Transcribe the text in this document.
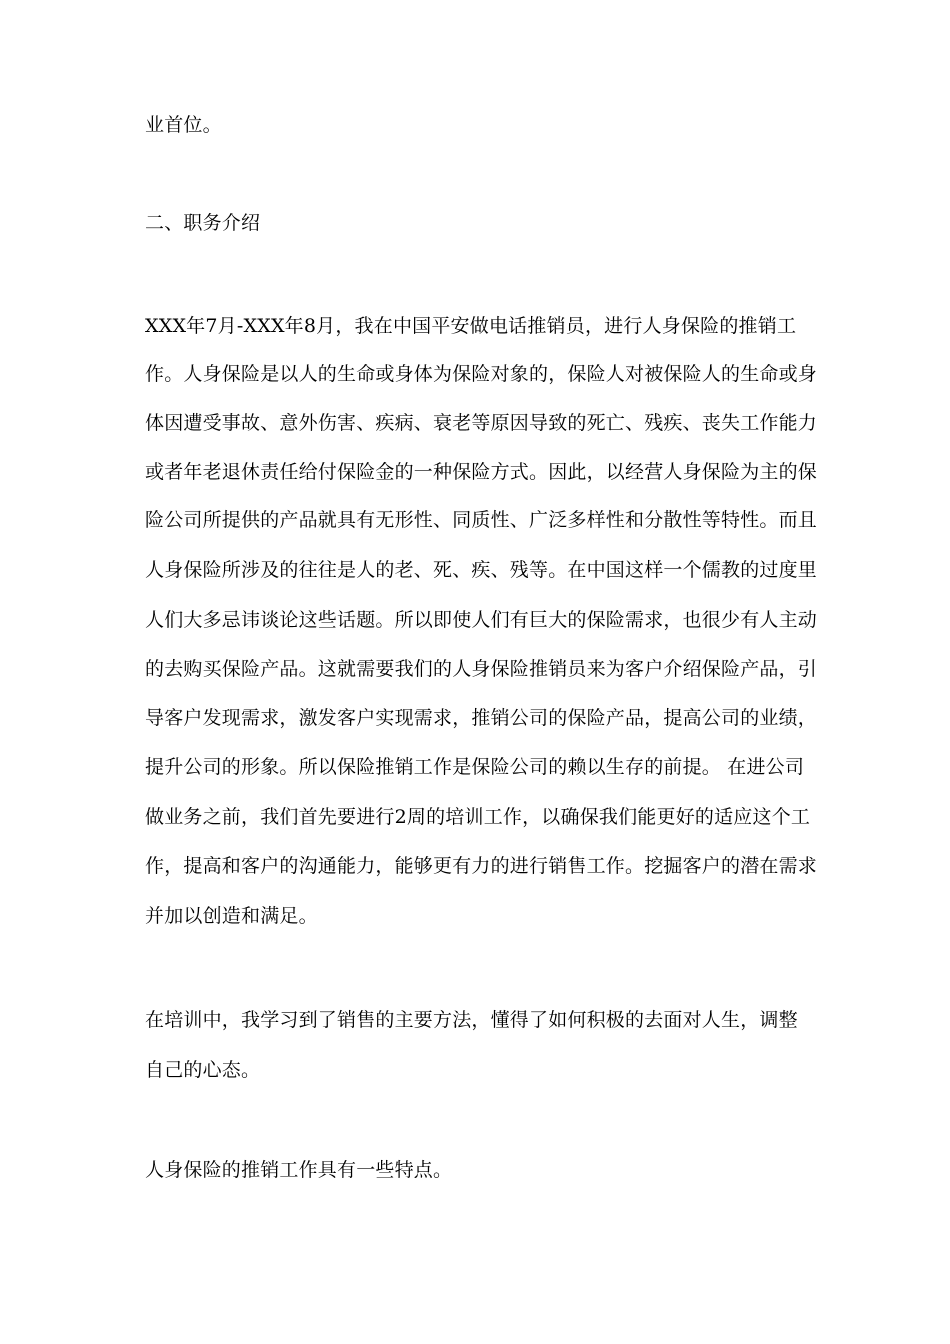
业首位。
二、职务介绍
XXX年7月-XXX年8月，我在中国平安做电话推销员，进行人身保险的推销工
作。人身保险是以人的生命或身体为保险对象的，保险人对被保险人的生命或身
体因遭受事故、意外伤害、疾病、衰老等原因导致的死亡、残疾、丧失工作能力
或者年老退休责任给付保险金的一种保险方式。因此，以经营人身保险为主的保
险公司所提供的产品就具有无形性、同质性、广泛多样性和分散性等特性。而且
人身保险所涉及的往往是人的老、死、疾、残等。在中国这样一个儒教的过度里
人们大多忌讳谈论这些话题。所以即使人们有巨大的保险需求，也很少有人主动
的去购买保险产品。这就需要我们的人身保险推销员来为客户介绍保险产品，引
导客户发现需求，激发客户实现需求，推销公司的保险产品，提高公司的业绩，
提升公司的形象。所以保险推销工作是保险公司的赖以生存的前提。 在进公司
做业务之前，我们首先要进行2周的培训工作，以确保我们能更好的适应这个工
作，提高和客户的沟通能力，能够更有力的进行销售工作。挖掘客户的潜在需求
并加以创造和满足。
在培训中，我学习到了销售的主要方法，懂得了如何积极的去面对人生，调整
自己的心态。
人身保险的推销工作具有一些特点。
